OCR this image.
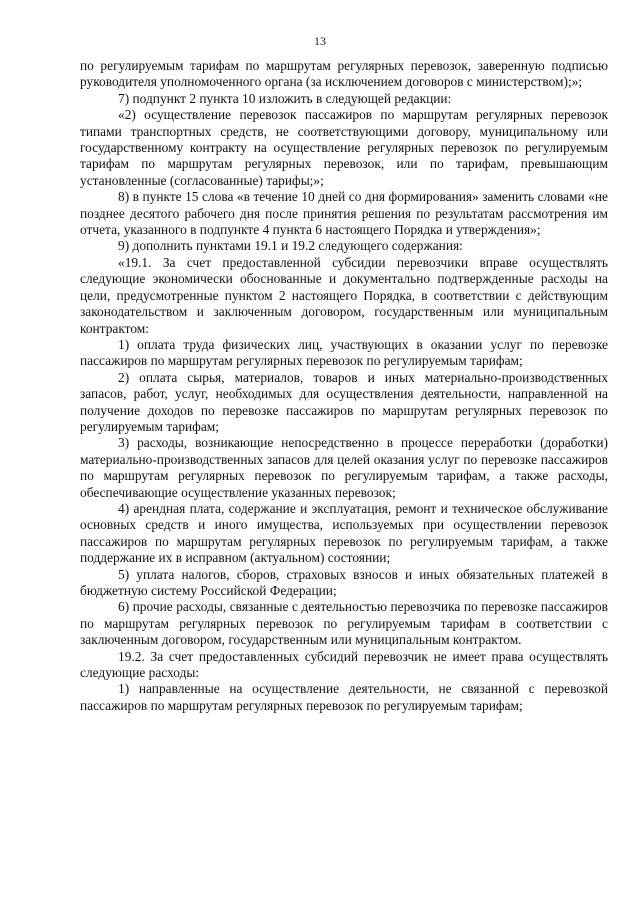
13

по регулируемым тарифам по маршрутам регулярных перевозок, заверенную подписью руководителя уполномоченного органа (за исключением договоров с министерством);»;

7) подпункт 2 пункта 10 изложить в следующей редакции:

«2) осуществление перевозок пассажиров по маршрутам регулярных перевозок типами транспортных средств, не соответствующими договору, муниципальному или государственному контракту на осуществление регулярных перевозок по регулируемым тарифам по маршрутам регулярных перевозок, или по тарифам, превышающим установленные (согласованные) тарифы;»;

8) в пункте 15 слова «в течение 10 дней со дня формирования» заменить словами «не позднее десятого рабочего дня после принятия решения по результатам рассмотрения им отчета, указанного в подпункте 4 пункта 6 настоящего Порядка и утверждения»;

9) дополнить пунктами 19.1 и 19.2 следующего содержания:

«19.1. За счет предоставленной субсидии перевозчики вправе осуществлять следующие экономически обоснованные и документально подтвержденные расходы на цели, предусмотренные пунктом 2 настоящего Порядка, в соответствии с действующим законодательством и заключенным договором, государственным или муниципальным контрактом:

1) оплата труда физических лиц, участвующих в оказании услуг по перевозке пассажиров по маршрутам регулярных перевозок по регулируемым тарифам;

2) оплата сырья, материалов, товаров и иных материально-производственных запасов, работ, услуг, необходимых для осуществления деятельности, направленной на получение доходов по перевозке пассажиров по маршрутам регулярных перевозок по регулируемым тарифам;

3) расходы, возникающие непосредственно в процессе переработки (доработки) материально-производственных запасов для целей оказания услуг по перевозке пассажиров по маршрутам регулярных перевозок по регулируемым тарифам, а также расходы, обеспечивающие осуществление указанных перевозок;

4) арендная плата, содержание и эксплуатация, ремонт и техническое обслуживание основных средств и иного имущества, используемых при осуществлении перевозок пассажиров по маршрутам регулярных перевозок по регулируемым тарифам, а также поддержание их в исправном (актуальном) состоянии;

5) уплата налогов, сборов, страховых взносов и иных обязательных платежей в бюджетную систему Российской Федерации;

6) прочие расходы, связанные с деятельностью перевозчика по перевозке пассажиров по маршрутам регулярных перевозок по регулируемым тарифам в соответствии с заключенным договором, государственным или муниципальным контрактом.

19.2. За счет предоставленных субсидий перевозчик не имеет права осуществлять следующие расходы:

1) направленные на осуществление деятельности, не связанной с перевозкой пассажиров по маршрутам регулярных перевозок по регулируемым тарифам;
